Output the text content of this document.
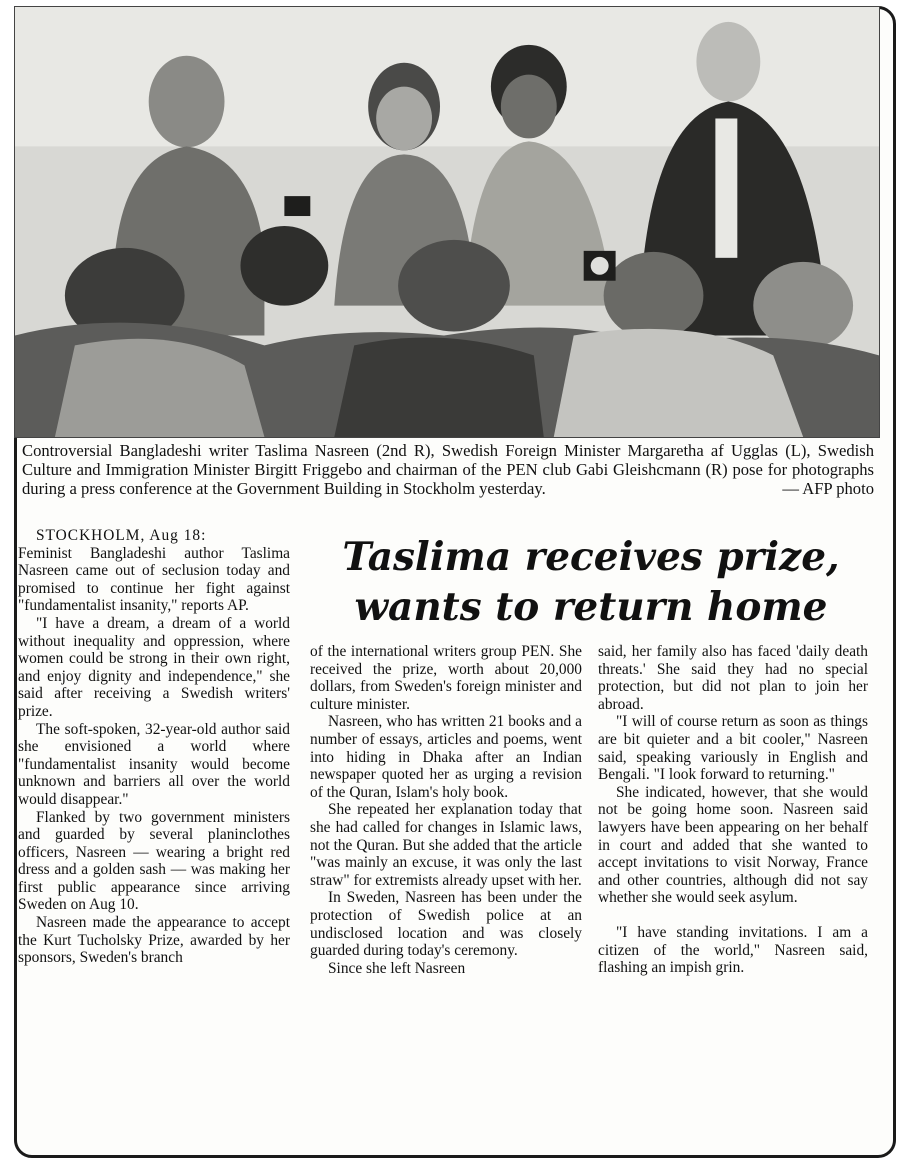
Controversial Bangladeshi writer Taslima Nasreen (2nd R), Swedish Foreign Minister Margaretha af Ugglas (L), Swedish Culture and Immigration Minister Birgitt Friggebo and chairman of the PEN club Gabi Gleishcmann (R) pose for photographs during a press conference at the Government Building in Stockholm yesterday.	— AFP photo
Taslima receives prize,
wants to return home

STOCKHOLM, Aug 18:

Feminist Bangladeshi author Taslima Nasreen came out of seclusion today and promised to continue her fight against "fundamentalist insanity," reports AP.

"I have a dream, a dream of a world without inequality and oppression, where women could be strong in their own right, and enjoy dignity and independence," she said after receiving a Swedish writers' prize.

The soft-spoken, 32-year-old author said she envisioned a world where "fundamentalist insanity would become unknown and barriers all over the world would disappear."

Flanked by two government ministers and guarded by several planinclothes officers, Nasreen — wearing a bright red dress and a golden sash — was making her first public appearance since arriving Sweden on Aug 10.

Nasreen made the appearance to accept the Kurt Tucholsky Prize, awarded by her sponsors, Sweden's branch

of the international writers group PEN. She received the prize, worth about 20,000 dollars, from Sweden's foreign minister and culture minister.

Nasreen, who has written 21 books and a number of essays, articles and poems, went into hiding in Dhaka after an Indian newspaper quoted her as urging a revision of the Quran, Islam's holy book.

She repeated her explanation today that she had called for changes in Islamic laws, not the Quran. But she added that the article "was mainly an excuse, it was only the last straw" for extremists already upset with her.

In Sweden, Nasreen has been under the protection of Swedish police at an undisclosed location and was closely guarded during today's ceremony.

Since she left Nasreen

said, her family also has faced 'daily death threats.' She said they had no special protection, but did not plan to join her abroad.

"I will of course return as soon as things are bit quieter and a bit cooler," Nasreen said, speaking variously in English and Bengali. "I look forward to returning."

She indicated, however, that she would not be going home soon. Nasreen said lawyers have been appearing on her behalf in court and added that she wanted to accept invitations to visit Norway, France and other countries, although did not say whether she would seek asylum.

"I have standing invitations. I am a citizen of the world," Nasreen said, flashing an impish grin.
